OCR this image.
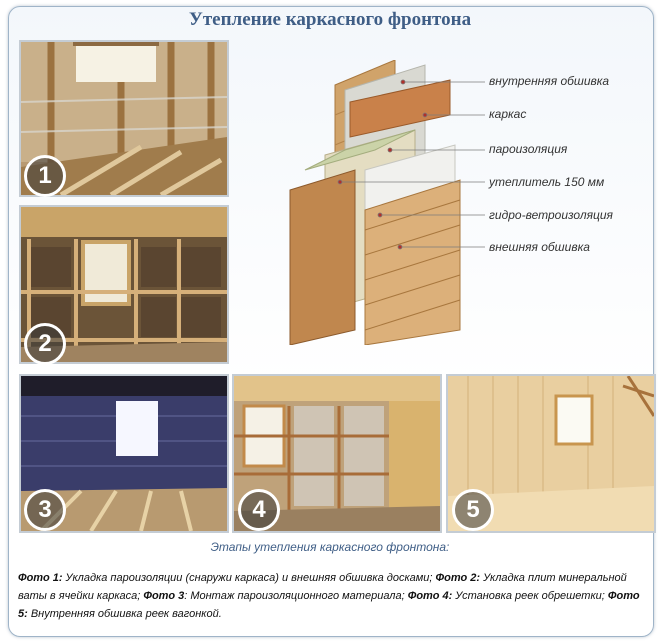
Утепление каркасного фронтона
1
2
3	4	5
внутренняя обшивка
каркас
пароизоляция
утеплитель 150 мм
гидро-ветроизоляция
внешняя обшивка
Этапы утепления каркасного фронтона:
Фото 1: Укладка пароизоляции (снаружи каркаса) и внешняя обшивка досками; Фото 2: Укладка плит минеральной ваты в ячейки каркаса; Фото 3: Монтаж пароизоляционного материала; Фото 4: Установка реек обрешетки; Фото 5: Внутренняя обшивка реек вагонкой.
